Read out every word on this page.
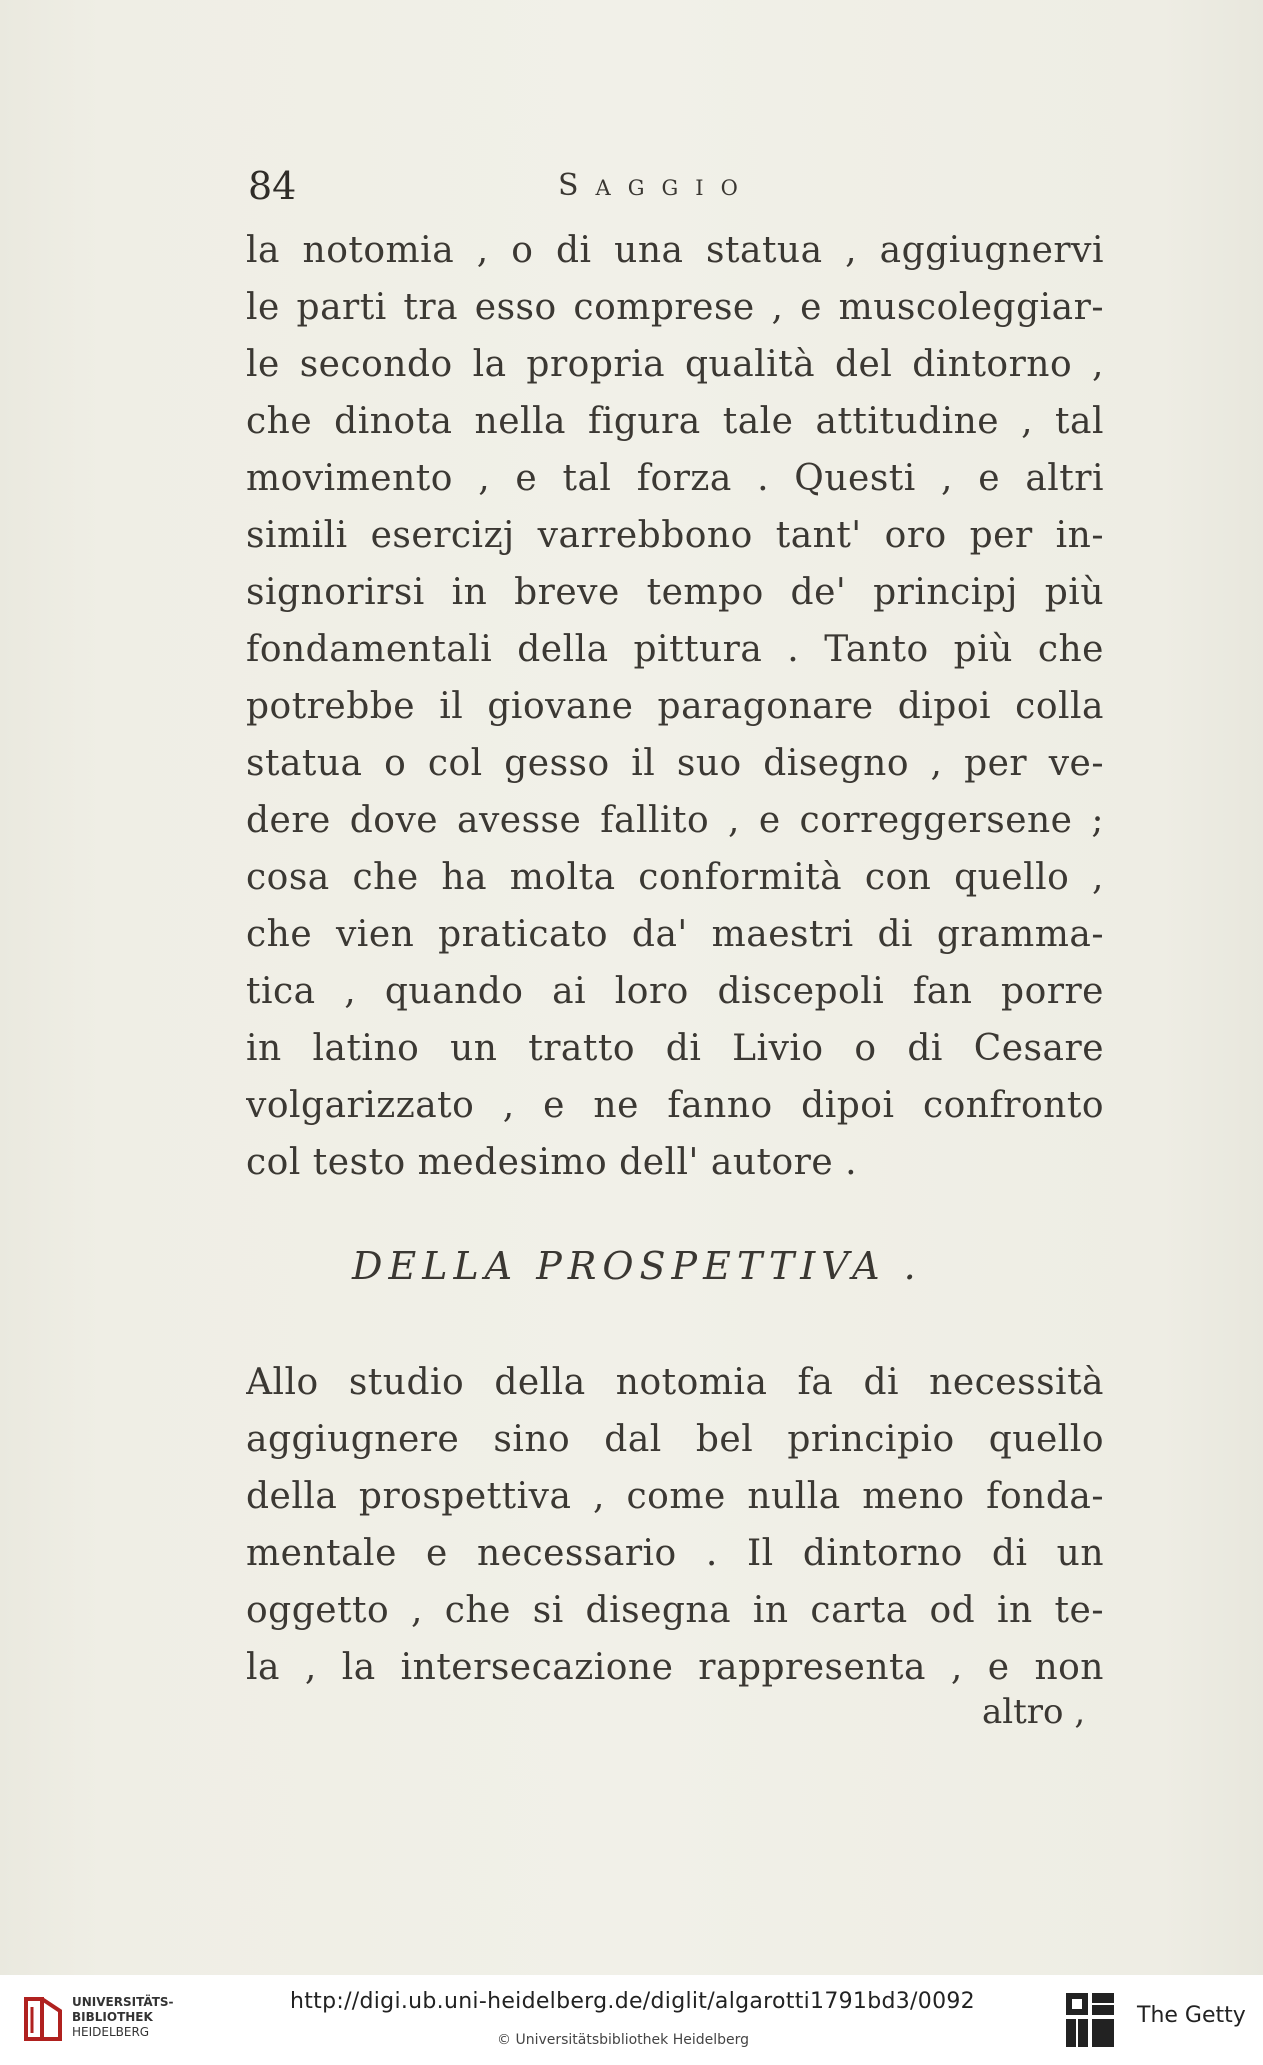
84	Saggio
la notomia , o di una statua , aggiugnervi
le parti tra esso comprese , e muscoleggiar-
le secondo la propria qualità del dintorno ,
che dinota nella figura tale attitudine , tal
movimento , e tal forza . Questi , e altri
simili esercizj varrebbono tant' oro per in-
signorirsi in breve tempo de' principj più
fondamentali della pittura . Tanto più che
potrebbe il giovane paragonare dipoi colla
statua o col gesso il suo disegno , per ve-
dere dove avesse fallito , e correggersene ;
cosa che ha molta conformità con quello ,
che vien praticato da' maestri di gramma-
tica , quando ai loro discepoli fan porre
in latino un tratto di Livio o di Cesare
volgarizzato , e ne fanno dipoi confronto
col testo medesimo dell' autore .
DELLA PROSPETTIVA .
Allo studio della notomia fa di necessità
aggiugnere sino dal bel principio quello
della prospettiva , come nulla meno fonda-
mentale e necessario . Il dintorno di un
oggetto , che si disegna in carta od in te-
la , la intersecazione rappresenta , e non
altro ,
UNIVERSITÄTS-
BIBLIOTHEK
HEIDELBERG
http://digi.ub.uni-heidelberg.de/diglit/algarotti1791bd3/0092
© Universitätsbibliothek Heidelberg
The Getty
